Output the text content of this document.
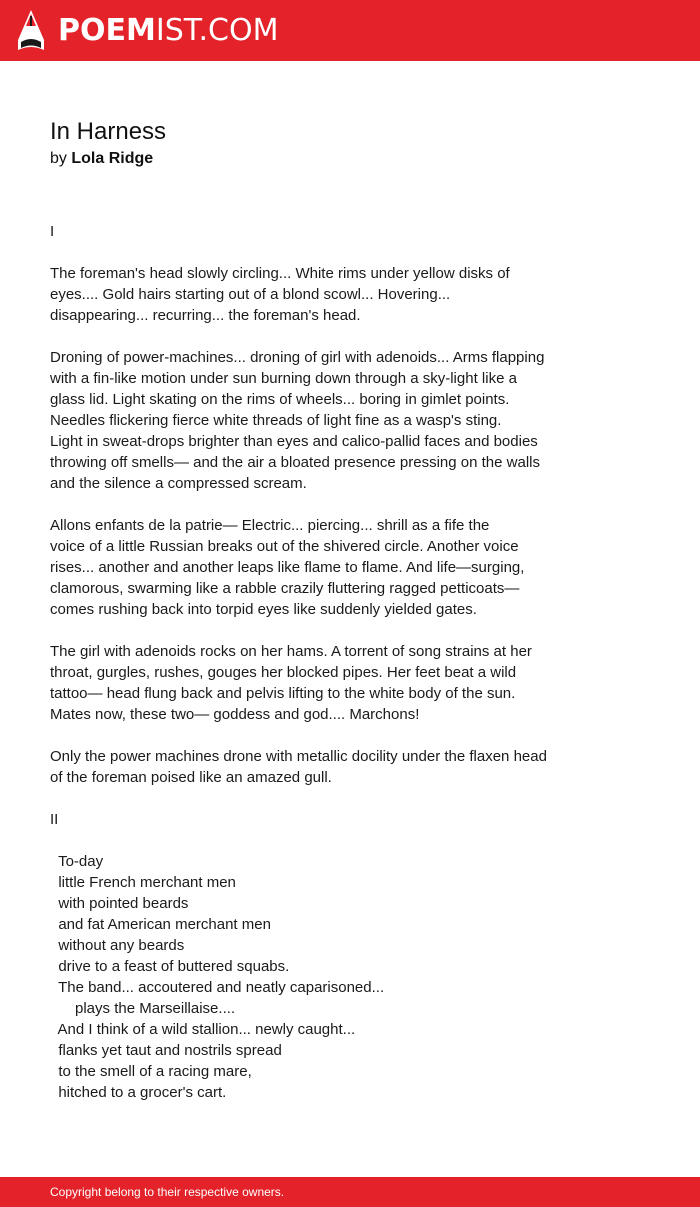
POEMIST.COM
In Harness

by Lola Ridge

I
The foreman's head slowly circling... White rims under yellow disks of
eyes.... Gold hairs starting out of a blond scowl... Hovering...
disappearing... recurring... the foreman's head.
Droning of power-machines... droning of girl with adenoids... Arms flapping
with a fin-like motion under sun burning down through a sky-light like a
glass lid. Light skating on the rims of wheels... boring in gimlet points.
Needles flickering fierce white threads of light fine as a wasp's sting.
Light in sweat-drops brighter than eyes and calico-pallid faces and bodies
throwing off smells— and the air a bloated presence pressing on the walls
and the silence a compressed scream.
Allons enfants de la patrie— Electric... piercing... shrill as a fife the
voice of a little Russian breaks out of the shivered circle. Another voice
rises... another and another leaps like flame to flame. And life—surging,
clamorous, swarming like a rabble crazily fluttering ragged petticoats—
comes rushing back into torpid eyes like suddenly yielded gates.
The girl with adenoids rocks on her hams. A torrent of song strains at her
throat, gurgles, rushes, gouges her blocked pipes. Her feet beat a wild
tattoo— head flung back and pelvis lifting to the white body of the sun.
Mates now, these two— goddess and god.... Marchons!
Only the power machines drone with metallic docility under the flaxen head
of the foreman poised like an amazed gull.
II
To-day
little French merchant men
with pointed beards
and fat American merchant men
without any beards
drive to a feast of buttered squabs.
The band... accoutered and neatly caparisoned...
plays the Marseillaise....
And I think of a wild stallion... newly caught...
flanks yet taut and nostrils spread
to the smell of a racing mare,
hitched to a grocer's cart.
Copyright belong to their respective owners.
